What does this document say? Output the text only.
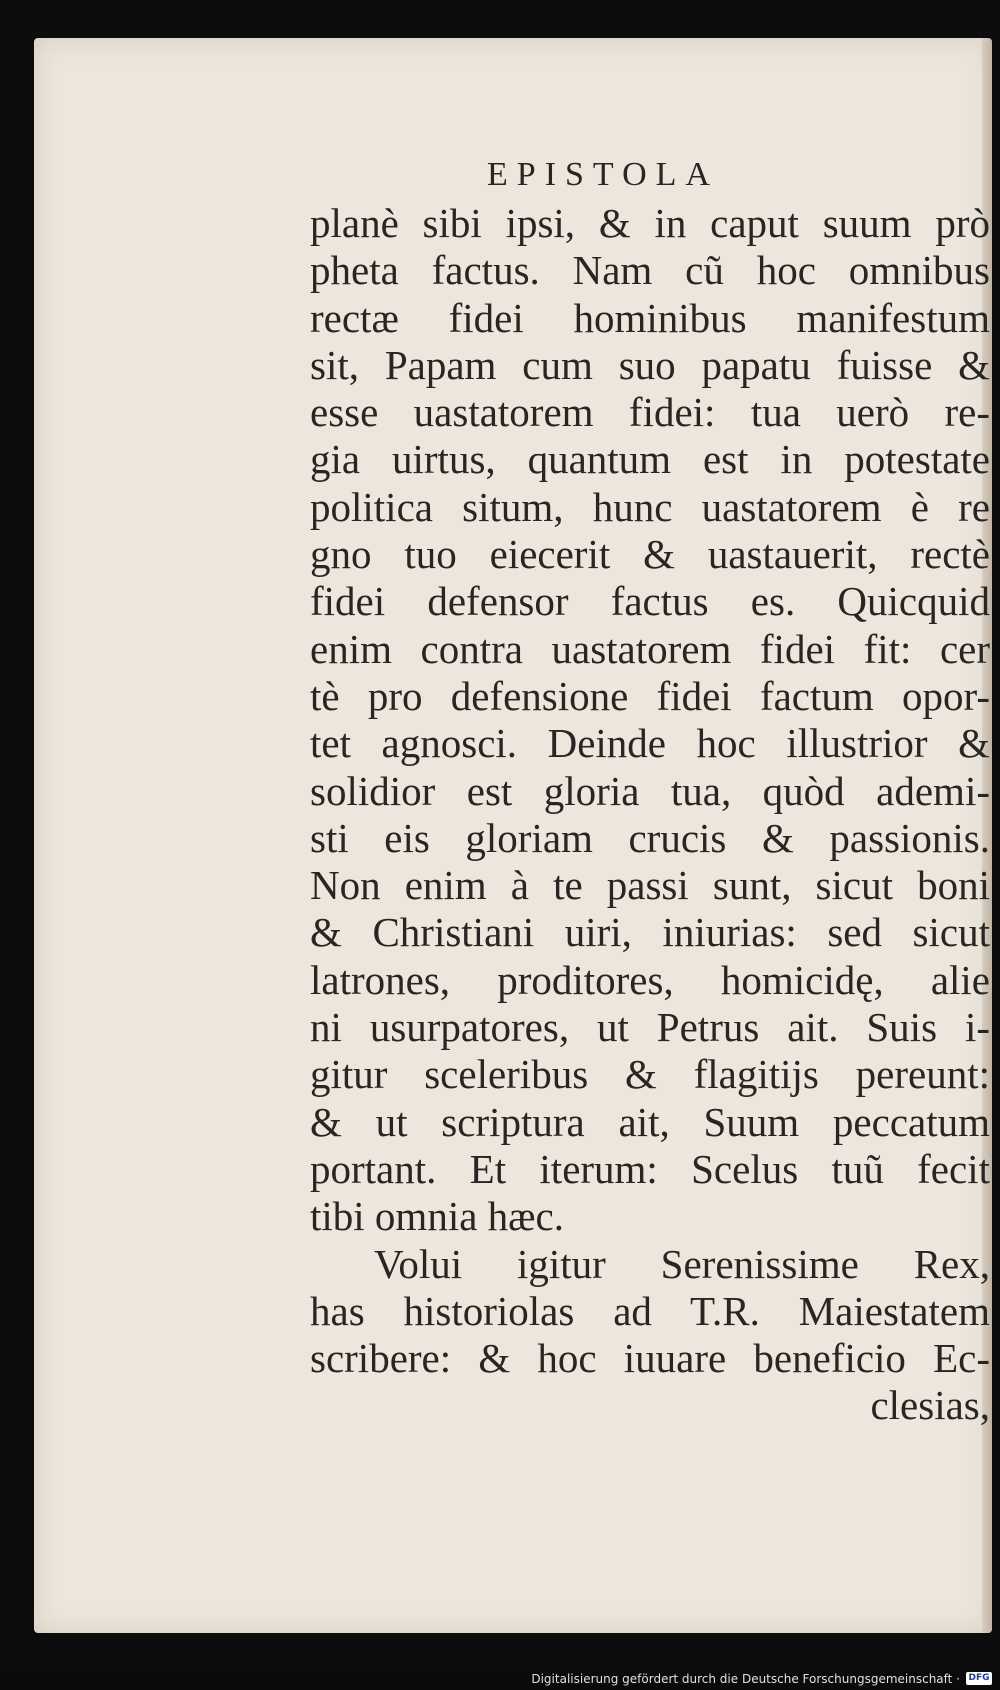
EPISTOLA
planè sibi ipsi, & in caput suum prò
pheta factus. Nam cũ hoc omnibus
rectæ fidei hominibus manifestum
sit, Papam cum suo papatu fuisse &
esse uastatorem fidei: tua uerò re-
gia uirtus, quantum est in potestate
politica situm, hunc uastatorem è re
gno tuo eiecerit & uastauerit, rectè
fidei defensor factus es. Quicquid
enim contra uastatorem fidei fit: cer
tè pro defensione fidei factum opor-
tet agnosci. Deinde hoc illustrior &
solidior est gloria tua, quòd ademi-
sti eis gloriam crucis & passionis.
Non enim à te passi sunt, sicut boni
& Christiani uiri, iniurias: sed sicut
latrones, proditores, homicidę, alie
ni usurpatores, ut Petrus ait. Suis i-
gitur sceleribus & flagitijs pereunt:
& ut scriptura ait, Suum peccatum
portant. Et iterum: Scelus tuũ fecit
tibi omnia hæc.
Volui igitur Serenissime Rex,
has historiolas ad T.R. Maiestatem
scribere: & hoc iuuare beneficio Ec-
clesias,
Digitalisierung gefördert durch die Deutsche Forschungsgemeinschaft · DFG
